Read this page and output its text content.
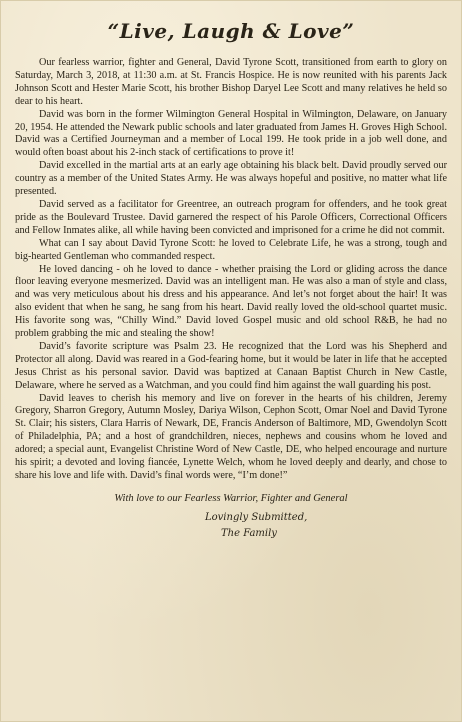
“Live, Laugh & Love”

Our fearless warrior, fighter and General, David Tyrone Scott, transitioned from earth to glory on Saturday, March 3, 2018, at 11:30 a.m. at St. Francis Hospice. He is now reunited with his parents Jack Johnson Scott and Hester Marie Scott, his brother Bishop Daryel Lee Scott and many relatives he held so dear to his heart.

David was born in the former Wilmington General Hospital in Wilmington, Delaware, on January 20, 1954. He attended the Newark public schools and later graduated from James H. Groves High School. David was a Certified Journeyman and a member of Local 199. He took pride in a job well done, and would often boast about his 2-inch stack of certifications to prove it!

David excelled in the martial arts at an early age obtaining his black belt. David proudly served our country as a member of the United States Army. He was always hopeful and positive, no matter what life presented.

David served as a facilitator for Greentree, an outreach program for offenders, and he took great pride as the Boulevard Trustee. David garnered the respect of his Parole Officers, Correctional Officers and Fellow Inmates alike, all while having been convicted and imprisoned for a crime he did not commit.

What can I say about David Tyrone Scott: he loved to Celebrate Life, he was a strong, tough and big-hearted Gentleman who commanded respect.

He loved dancing - oh he loved to dance - whether praising the Lord or gliding across the dance floor leaving everyone mesmerized. David was an intelligent man. He was also a man of style and class, and was very meticulous about his dress and his appearance. And let’s not forget about the hair! It was also evident that when he sang, he sang from his heart. David really loved the old-school quartet music. His favorite song was, “Chilly Wind.” David loved Gospel music and old school R&B, he had no problem grabbing the mic and stealing the show!

David’s favorite scripture was Psalm 23. He recognized that the Lord was his Shepherd and Protector all along. David was reared in a God-fearing home, but it would be later in life that he accepted Jesus Christ as his personal savior. David was baptized at Canaan Baptist Church in New Castle, Delaware, where he served as a Watchman, and you could find him against the wall guarding his post.

David leaves to cherish his memory and live on forever in the hearts of his children, Jeremy Gregory, Sharron Gregory, Autumn Mosley, Dariya Wilson, Cephon Scott, Omar Noel and David Tyrone St. Clair; his sisters, Clara Harris of Newark, DE, Francis Anderson of Baltimore, MD, Gwendolyn Scott of Philadelphia, PA; and a host of grandchildren, nieces, nephews and cousins whom he loved and adored; a special aunt, Evangelist Christine Word of New Castle, DE, who helped encourage and nurture his spirit; a devoted and loving fiancée, Lynette Welch, whom he loved deeply and dearly, and chose to share his love and life with. David’s final words were, “I’m done!”

With love to our Fearless Warrior, Fighter and General
Lovingly Submitted,
The Family
